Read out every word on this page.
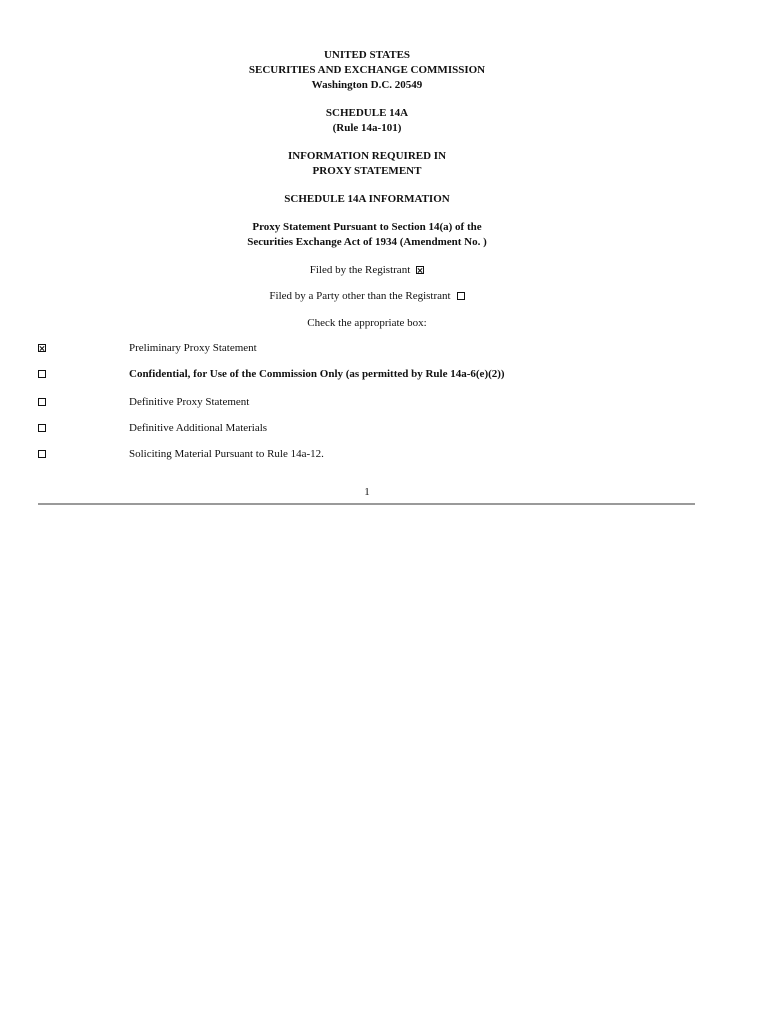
UNITED STATES
SECURITIES AND EXCHANGE COMMISSION
Washington D.C. 20549
SCHEDULE 14A
(Rule 14a-101)
INFORMATION REQUIRED IN
PROXY STATEMENT
SCHEDULE 14A INFORMATION
Proxy Statement Pursuant to Section 14(a) of the
Securities Exchange Act of 1934 (Amendment No. )
Filed by the Registrant
Filed by a Party other than the Registrant
Check the appropriate box:
Preliminary Proxy Statement
Confidential, for Use of the Commission Only (as permitted by Rule 14a-6(e)(2))
Definitive Proxy Statement
Definitive Additional Materials
Soliciting Material Pursuant to Rule 14a-12.
1
